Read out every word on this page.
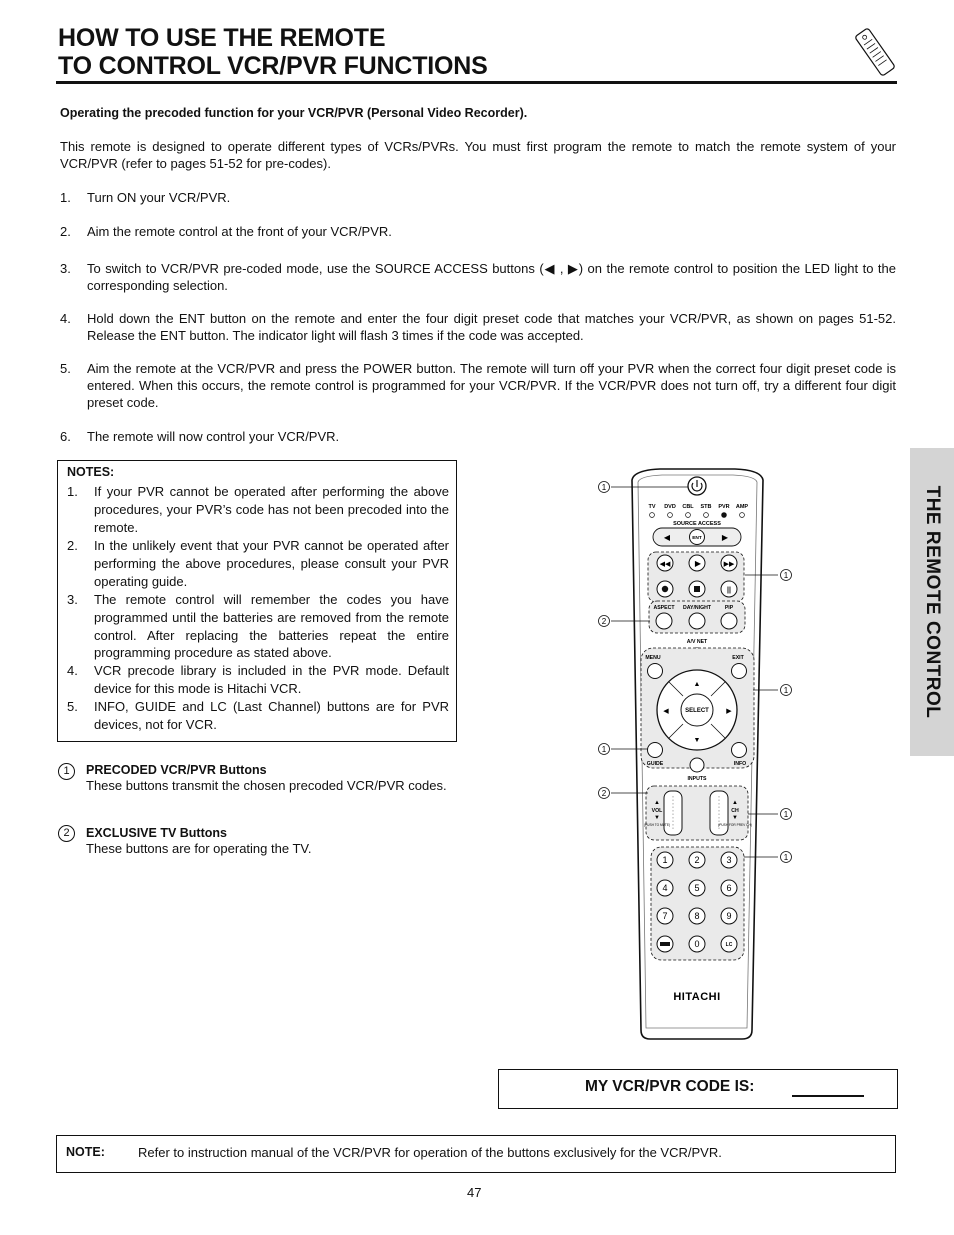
HOW TO USE THE REMOTE
TO CONTROL VCR/PVR FUNCTIONS
Operating the precoded function for your VCR/PVR (Personal Video Recorder).
This remote is designed to operate different types of VCRs/PVRs. You must first program the remote to match the remote system of your VCR/PVR (refer to pages 51-52 for pre-codes).
1.	Turn ON your VCR/PVR.
2.	Aim the remote control at the front of your VCR/PVR.
3.	To switch to VCR/PVR pre-coded mode, use the SOURCE ACCESS buttons (◀ , ▶) on the remote control to position the LED light to the corresponding selection.
4.	Hold down the ENT button on the remote and enter the four digit preset code that matches your VCR/PVR, as shown on pages 51-52. Release the ENT button. The indicator light will flash 3 times if the code was accepted.
5.	Aim the remote at the VCR/PVR and press the POWER button. The remote will turn off your PVR when the correct four digit preset code is entered. When this occurs, the remote control is programmed for your VCR/PVR. If the VCR/PVR does not turn off, try a different four digit preset code.
6.	The remote will now control your VCR/PVR.
NOTES:
1.	If your PVR cannot be operated after performing the above procedures, your PVR’s code has not been precoded into the remote.
2.	In the unlikely event that your PVR cannot be operated after performing the above procedures, please consult your PVR operating guide.
3.	The remote control will remember the codes you have programmed until the batteries are removed from the remote control. After replacing the batteries repeat the entire programming procedure as stated above.
4.	VCR precode library is included in the PVR mode. Default device for this mode is Hitachi VCR.
5.	INFO, GUIDE and LC (Last Channel) buttons are for PVR devices, not for VCR.
1	PRECODED VCR/PVR Buttons
These buttons transmit the chosen precoded VCR/PVR codes.
2	EXCLUSIVE TV Buttons
These buttons are for operating the TV.
THE REMOTE CONTROL
TV DVD CBL STB PVR AMP
SOURCE ACCESS
◀	▶
ENT
◀◀	▶	▶▶
||
ASPECT DAY/NIGHT	PIP
A/V NET
MENU	EXIT
▲
▼
◀	▶
SELECT
GUIDE	INFO
INPUTS
▲
VOL
▼
(PUSH TO MUTE)
▲
CH
▼
(PUSH FOR PREV CH)
1	2	3
4	5	6
7	8	9
0	LC
HITACHI
1
1
2
1
1
2
1
1
MY VCR/PVR CODE IS:
NOTE:	Refer to instruction manual of the VCR/PVR for operation of the buttons exclusively for the VCR/PVR.
47
